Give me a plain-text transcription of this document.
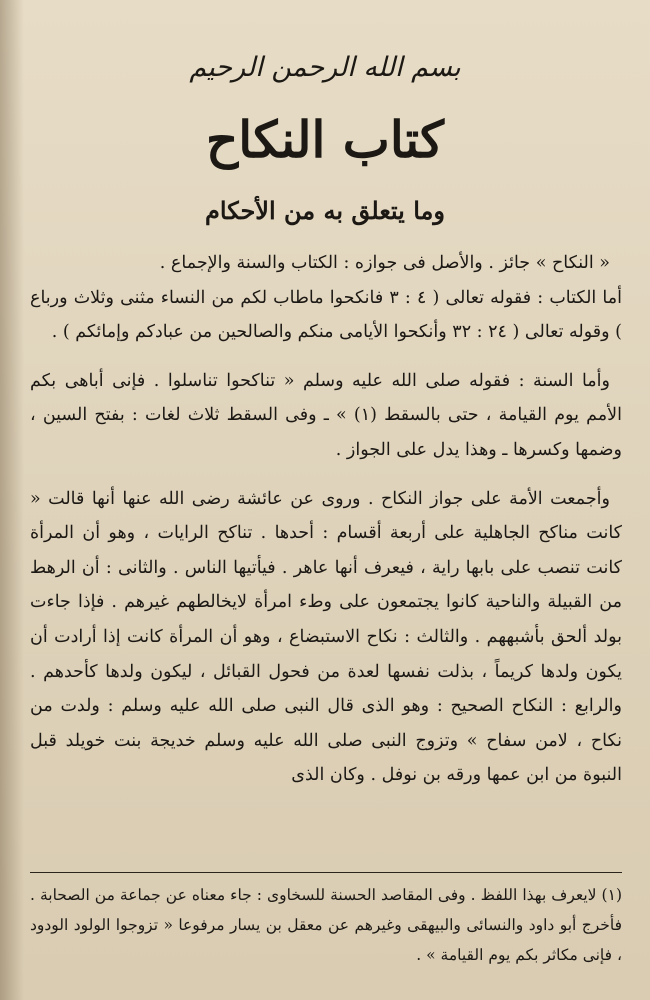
بسم الله الرحمن الرحيم
كتاب النكاح
وما يتعلق به من الأحكام

« النكاح » جائز . والأصل فى جوازه : الكتاب والسنة والإجماع .

أما الكتاب : فقوله تعالى ( ٤ : ٣ فانكحوا ماطاب لكم من النساء مثنى وثلاث ورباع ) وقوله تعالى ( ٢٤ : ٣٢ وأنكحوا الأيامى منكم والصالحين من عبادكم وإمائكم ) .

وأما السنة : فقوله صلى الله عليه وسلم « تناكحوا تناسلوا . فإنى أباهى بكم الأمم يوم القيامة ، حتى بالسقط (١) » ـ وفى السقط ثلاث لغات : بفتح السين ، وضمها وكسرها ـ وهذا يدل على الجواز .

وأجمعت الأمة على جواز النكاح . وروى عن عائشة رضى الله عنها أنها قالت « كانت مناكح الجاهلية على أربعة أقسام : أحدها . تناكح الرايات ، وهو أن المرأة كانت تنصب على بابها راية ، فيعرف أنها عاهر . فيأتيها الناس . والثانى : أن الرهط من القبيلة والناحية كانوا يجتمعون على وطء امرأة لايخالطهم غيرهم . فإذا جاءت بولد ألحق بأشبههم . والثالث : نكاح الاستبضاع ، وهو أن المرأة كانت إذا أرادت أن يكون ولدها كريماً ، بذلت نفسها لعدة من فحول القبائل ، ليكون ولدها كأحدهم . والرابع : النكاح الصحيح : وهو الذى قال النبى صلى الله عليه وسلم : ولدت من نكاح ، لامن سفاح » وتزوج النبى صلى الله عليه وسلم خديجة بنت خويلد قبل النبوة من ابن عمها ورقه بن نوفل . وكان الذى

(١) لايعرف بهذا اللفظ . وفى المقاصد الحسنة للسخاوى : جاء معناه عن جماعة من الصحابة . فأخرج أبو داود والنسائى والبيهقى وغيرهم عن معقل بن يسار مرفوعا « تزوجوا الولود الودود ، فإنى مكاثر بكم يوم القيامة » .
